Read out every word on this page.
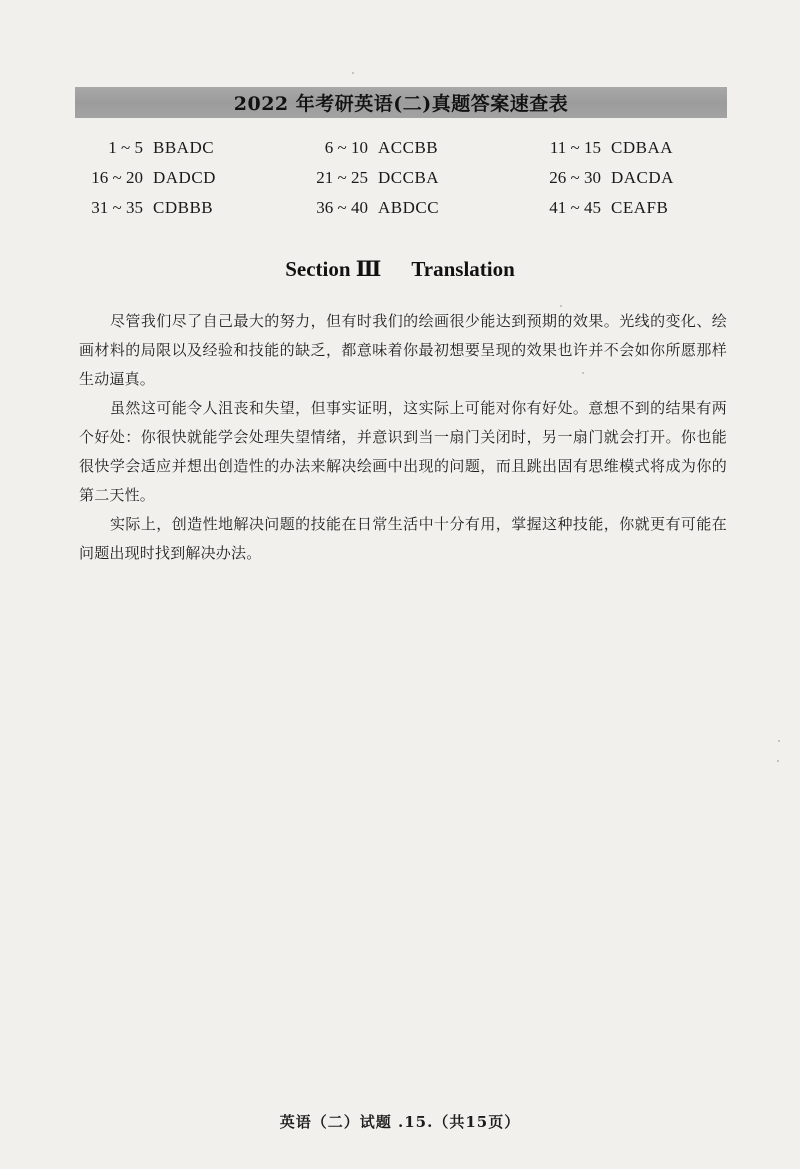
2022 年考研英语(二)真题答案速查表
1 ~ 5 BBADC	6 ~ 10 ACCBB	11 ~ 15 CDBAA
16 ~ 20 DADCD	21 ~ 25 DCCBA	26 ~ 30 DACDA
31 ~ 35 CDBBB	36 ~ 40 ABDCC	41 ~ 45 CEAFB
Section Ⅲ Translation

尽管我们尽了自己最大的努力，但有时我们的绘画很少能达到预期的效果。光线的变化、绘画材料的局限以及经验和技能的缺乏，都意味着你最初想要呈现的效果也许并不会如你所愿那样生动逼真。

虽然这可能令人沮丧和失望，但事实证明，这实际上可能对你有好处。意想不到的结果有两个好处：你很快就能学会处理失望情绪，并意识到当一扇门关闭时，另一扇门就会打开。你也能很快学会适应并想出创造性的办法来解决绘画中出现的问题，而且跳出固有思维模式将成为你的第二天性。

实际上，创造性地解决问题的技能在日常生活中十分有用，掌握这种技能，你就更有可能在问题出现时找到解决办法。

英语（二）试题 .15.（共15页）
